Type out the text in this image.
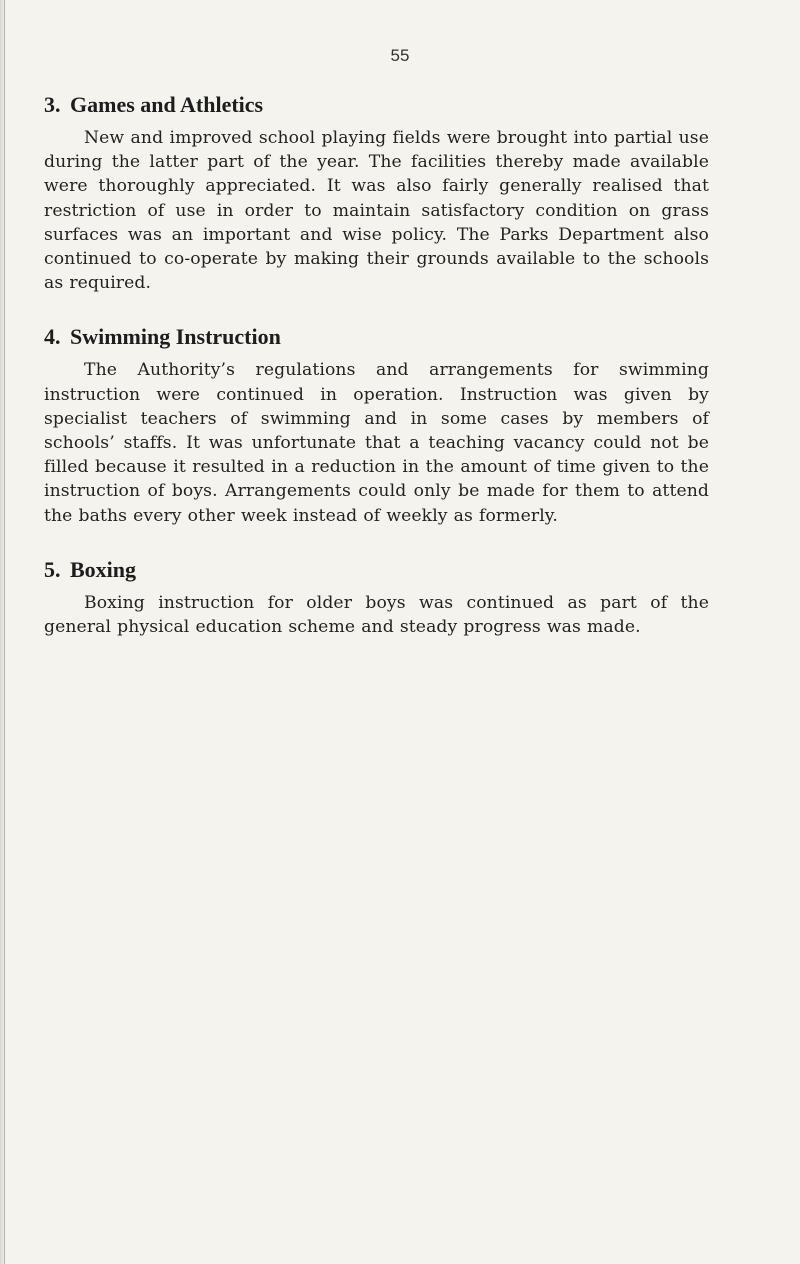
55
3. Games and Athletics

New and improved school playing fields were brought into partial use during the latter part of the year. The facilities thereby made available were thoroughly appreciated. It was also fairly generally realised that restriction of use in order to maintain satisfactory condition on grass surfaces was an important and wise policy. The Parks Department also continued to co-operate by making their grounds available to the schools as required.

4. Swimming Instruction

The Authority’s regulations and arrangements for swimming instruction were continued in operation. Instruction was given by specialist teachers of swimming and in some cases by members of schools’ staffs. It was unfortunate that a teaching vacancy could not be filled because it resulted in a reduction in the amount of time given to the instruction of boys. Arrangements could only be made for them to attend the baths every other week instead of weekly as formerly.

5. Boxing

Boxing instruction for older boys was continued as part of the general physical education scheme and steady progress was made.
